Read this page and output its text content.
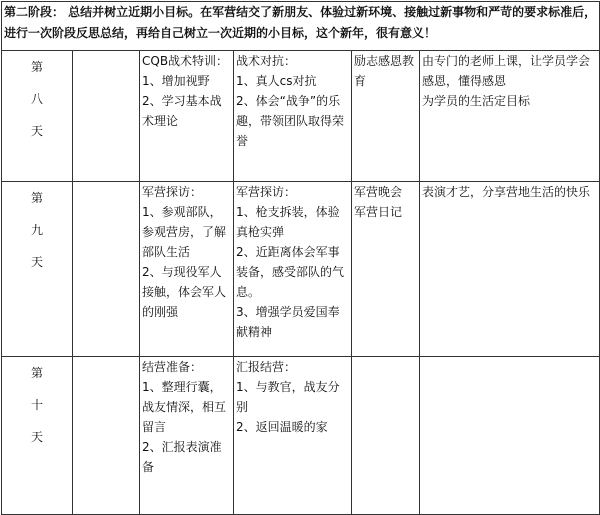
第二阶段： 总结并树立近期小目标。在军营结交了新朋友、体验过新环境、接触过新事物和严苛的要求标准后，进行一次阶段反思总结，再给自己树立一次近期的小目标，这个新年，很有意义！					

第
八
天		CQB战术特训：
1、增加视野
2、学习基本战术理论	战术对抗：
1、真人cs对抗
2、体会“战争”的乐趣，带领团队取得荣誉	励志感恩教育	由专门的老师上课，让学员学会感恩，懂得感恩
为学员的生活定目标

第
九
天		军营探访：
1、参观部队，参观营房，了解部队生活
2、与现役军人接触，体会军人的刚强	军营探访：
1、枪支拆装，体验真枪实弹
2、近距离体会军事装备，感受部队的气息。
3、增强学员爱国奉献精神	军营晚会
军营日记	表演才艺，分享营地生活的快乐

第
十
天		结营准备：
1、整理行囊，战友情深，相互留言
2、汇报表演准备	汇报结营：
1、与教官，战友分别
2、返回温暖的家		
